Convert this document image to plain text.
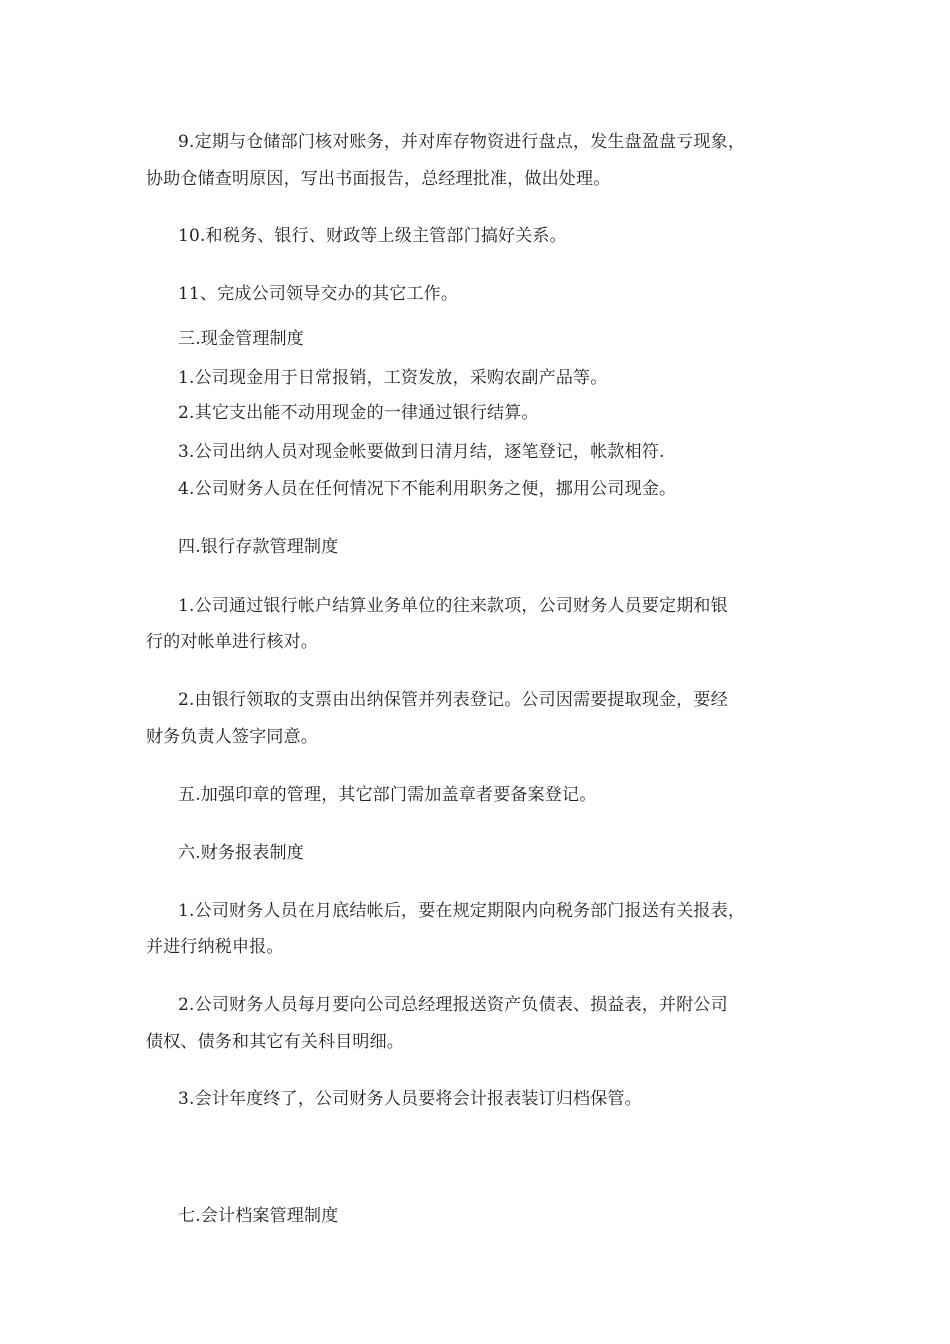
9.定期与仓储部门核对账务，并对库存物资进行盘点，发生盘盈盘亏现象，
协助仓储查明原因，写出书面报告，总经理批准，做出处理。
10.和税务、银行、财政等上级主管部门搞好关系。
11、完成公司领导交办的其它工作。
三.现金管理制度
1.公司现金用于日常报销，工资发放，采购农副产品等。
2.其它支出能不动用现金的一律通过银行结算。
3.公司出纳人员对现金帐要做到日清月结，逐笔登记，帐款相符.
4.公司财务人员在任何情况下不能利用职务之便，挪用公司现金。
四.银行存款管理制度
1.公司通过银行帐户结算业务单位的往来款项，公司财务人员要定期和银
行的对帐单进行核对。
2.由银行领取的支票由出纳保管并列表登记。公司因需要提取现金，要经
财务负责人签字同意。
五.加强印章的管理，其它部门需加盖章者要备案登记。
六.财务报表制度
1.公司财务人员在月底结帐后，要在规定期限内向税务部门报送有关报表，
并进行纳税申报。
2.公司财务人员每月要向公司总经理报送资产负债表、损益表，并附公司
债权、债务和其它有关科目明细。
3.会计年度终了，公司财务人员要将会计报表装订归档保管。
七.会计档案管理制度
